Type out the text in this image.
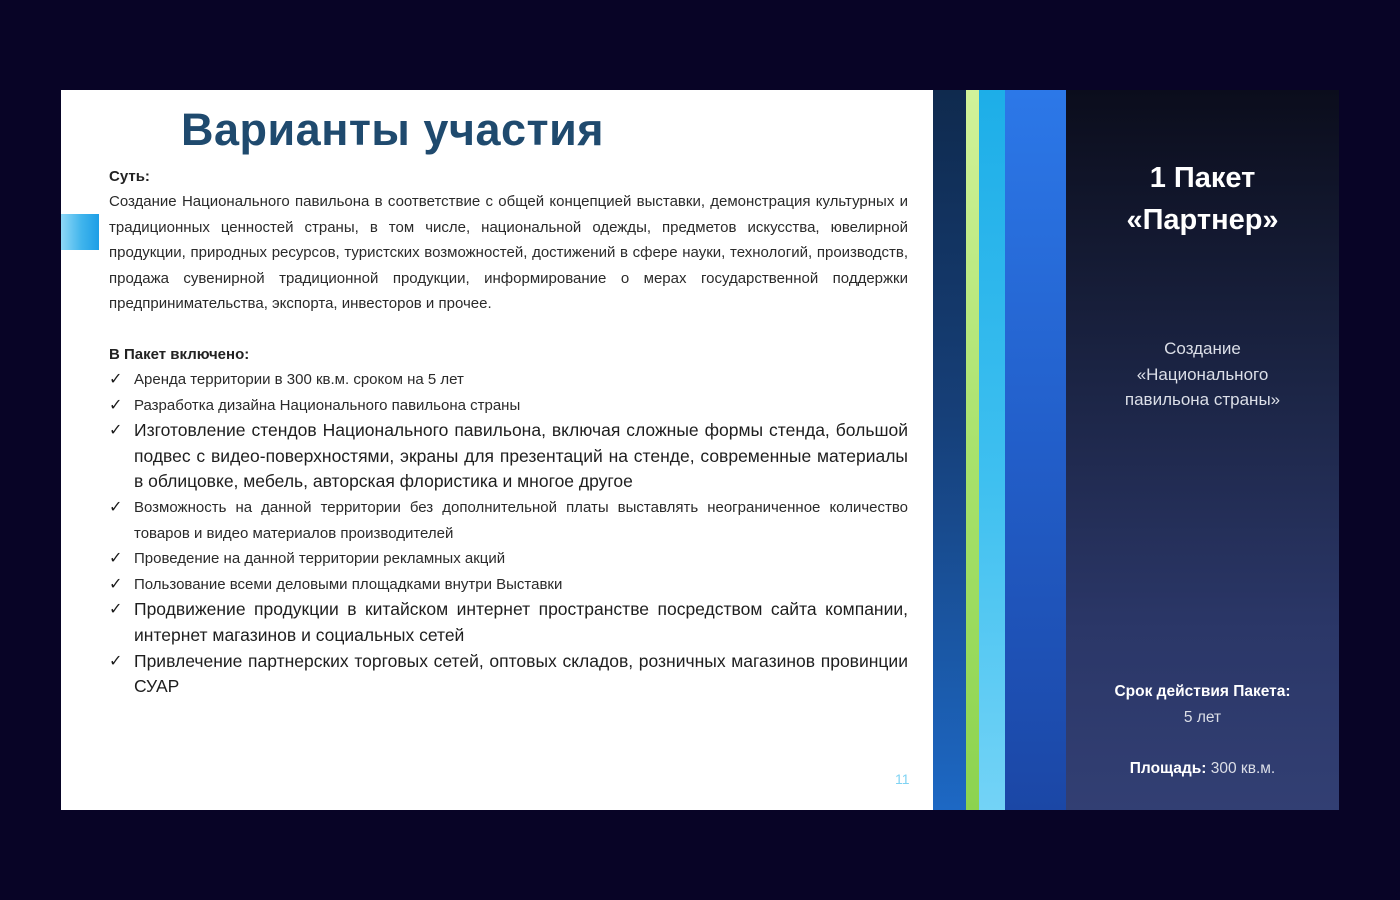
Варианты участия

Суть:

Создание Национального павильона в соответствие с общей концепцией выставки, демонстрация культурных и традиционных ценностей страны, в том числе, национальной одежды, предметов искусства, ювелирной продукции, природных ресурсов, туристских возможностей, достижений в сфере науки, технологий, производств, продажа сувенирной традиционной продукции, информирование о мерах государственной поддержки предпринимательства, экспорта, инвесторов и прочее.

В Пакет включено:

✓ Аренда территории в 300 кв.м. сроком на 5 лет
✓ Разработка дизайна Национального павильона страны
✓ Изготовление стендов Национального павильона, включая сложные формы стенда, большой подвес с видео-поверхностями, экраны для презентаций на стенде, современные материалы в облицовке, мебель, авторская флористика и многое другое
✓ Возможность на данной территории без дополнительной платы выставлять неограниченное количество товаров и видео материалов производителей
✓ Проведение на данной территории рекламных акций
✓ Пользование всеми деловыми площадками внутри Выставки
✓ Продвижение продукции в китайском интернет пространстве посредством сайта компании, интернет магазинов и социальных сетей
✓ Привлечение партнерских торговых сетей, оптовых складов, розничных магазинов провинции СУАР
11
1 Пакет
«Партнер»
Создание
«Национального
павильона страны»
Срок действия Пакета:
5 лет
Площадь: 300 кв.м.
